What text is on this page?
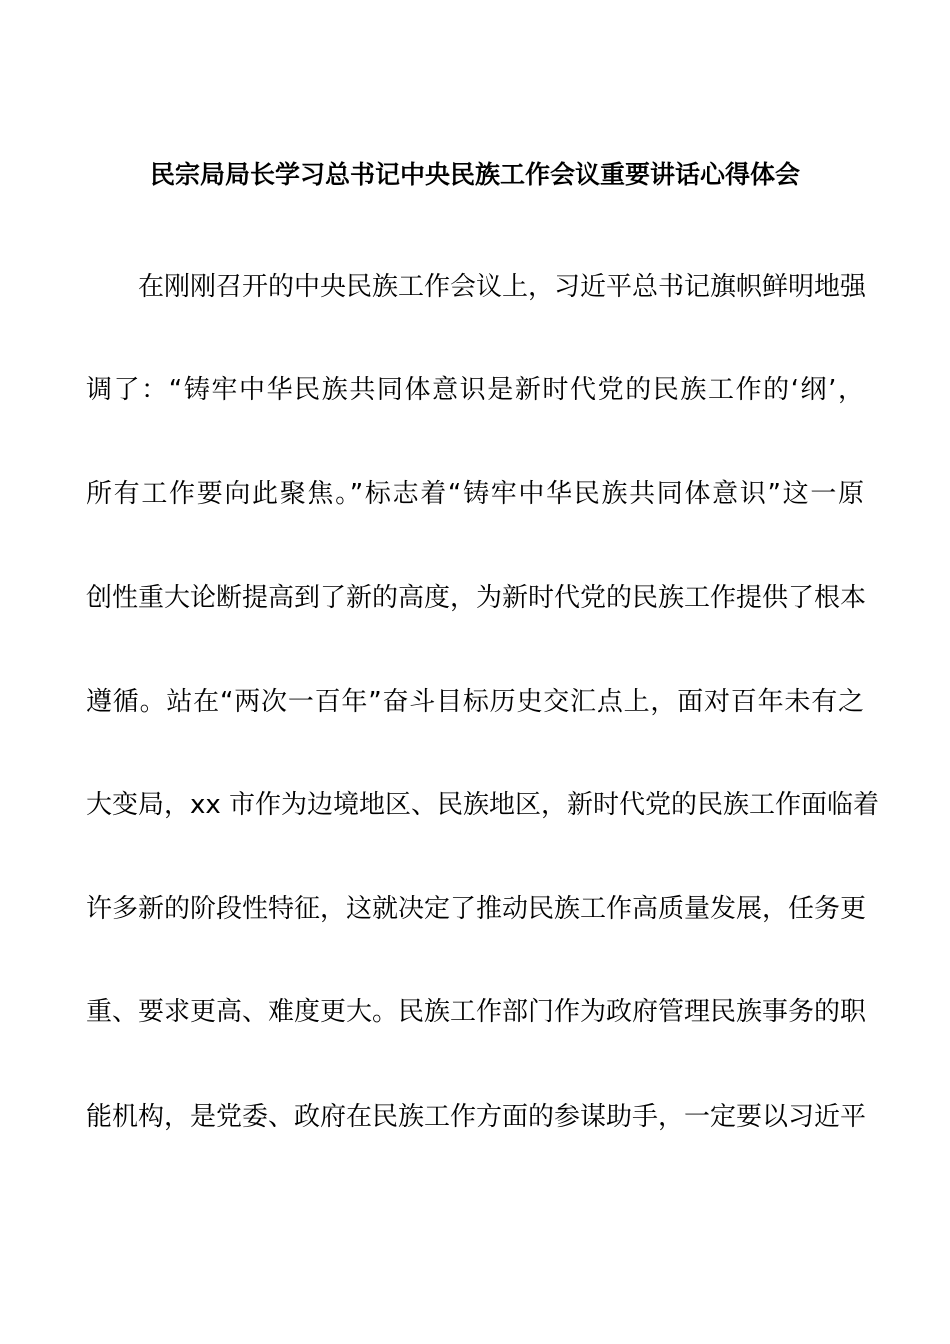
民宗局局长学习总书记中央民族工作会议重要讲话心得体会
在刚刚召开的中央民族工作会议上，习近平总书记旗帜鲜明地强
调了：“铸牢中华民族共同体意识是新时代党的民族工作的‘纲’，
所有工作要向此聚焦。”标志着“铸牢中华民族共同体意识”这一原
创性重大论断提高到了新的高度，为新时代党的民族工作提供了根本
遵循。站在“两次一百年”奋斗目标历史交汇点上，面对百年未有之
大变局，xx 市作为边境地区、民族地区，新时代党的民族工作面临着
许多新的阶段性特征，这就决定了推动民族工作高质量发展，任务更
重、要求更高、难度更大。民族工作部门作为政府管理民族事务的职
能机构，是党委、政府在民族工作方面的参谋助手，一定要以习近平
